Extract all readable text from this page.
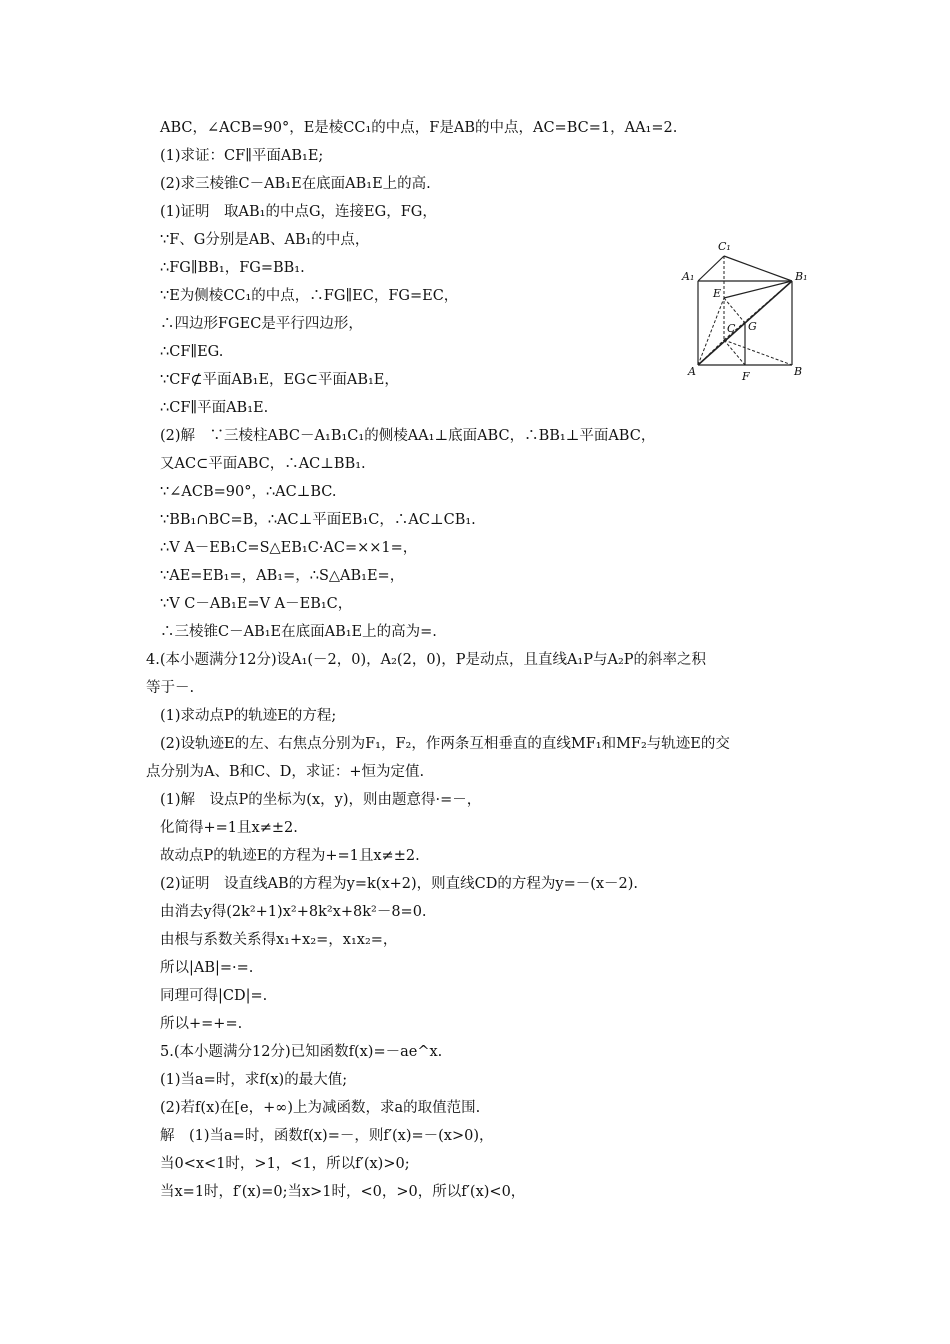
ABC，∠ACB=90°，E是棱CC₁的中点，F是AB的中点，AC=BC=1，AA₁=2.
(1)求证：CF∥平面AB₁E;
(2)求三棱锥C－AB₁E在底面AB₁E上的高.
(1)证明　取AB₁的中点G，连接EG，FG，
∵F、G分别是AB、AB₁的中点，
∴FG∥BB₁，FG=BB₁.
∵E为侧棱CC₁的中点，∴FG∥EC，FG=EC，
∴四边形FGEC是平行四边形，
∴CF∥EG.
∵CF⊄平面AB₁E，EG⊂平面AB₁E，
∴CF∥平面AB₁E.
(2)解　∵三棱柱ABC－A₁B₁C₁的侧棱AA₁⊥底面ABC，∴BB₁⊥平面ABC，
又AC⊂平面ABC，∴AC⊥BB₁.
∵∠ACB=90°，∴AC⊥BC.
∵BB₁∩BC=B，∴AC⊥平面EB₁C，∴AC⊥CB₁.
∴V A－EB₁C=S△EB₁C·AC=××1=，
∵AE=EB₁=，AB₁=，∴S△AB₁E=，
∵V C－AB₁E=V A－EB₁C，
∴三棱锥C－AB₁E在底面AB₁E上的高为=.
4.(本小题满分12分)设A₁(－2，0)，A₂(2，0)，P是动点，且直线A₁P与A₂P的斜率之积
等于－.
(1)求动点P的轨迹E的方程;
(2)设轨迹E的左、右焦点分别为F₁，F₂，作两条互相垂直的直线MF₁和MF₂与轨迹E的交
点分别为A、B和C、D，求证：+恒为定值.
(1)解　设点P的坐标为(x，y)，则由题意得·=－，
化简得+=1且x≠±2.
故动点P的轨迹E的方程为+=1且x≠±2.
(2)证明　设直线AB的方程为y=k(x+2)，则直线CD的方程为y=－(x－2).
由消去y得(2k²+1)x²+8k²x+8k²－8=0.
由根与系数关系得x₁+x₂=，x₁x₂=，
所以|AB|=·=.
同理可得|CD|=.
所以+=+=.
5.(本小题满分12分)已知函数f(x)=－ae^x.
(1)当a=时，求f(x)的最大值;
(2)若f(x)在[e，+∞)上为减函数，求a的取值范围.
解　(1)当a=时，函数f(x)=－，则f′(x)=－(x>0)，
当0<x<1时，>1，<1，所以f′(x)>0;
当x=1时，f′(x)=0;当x>1时，<0，>0，所以f′(x)<0，
C₁
A₁	B₁
E
C G
A	F	B
